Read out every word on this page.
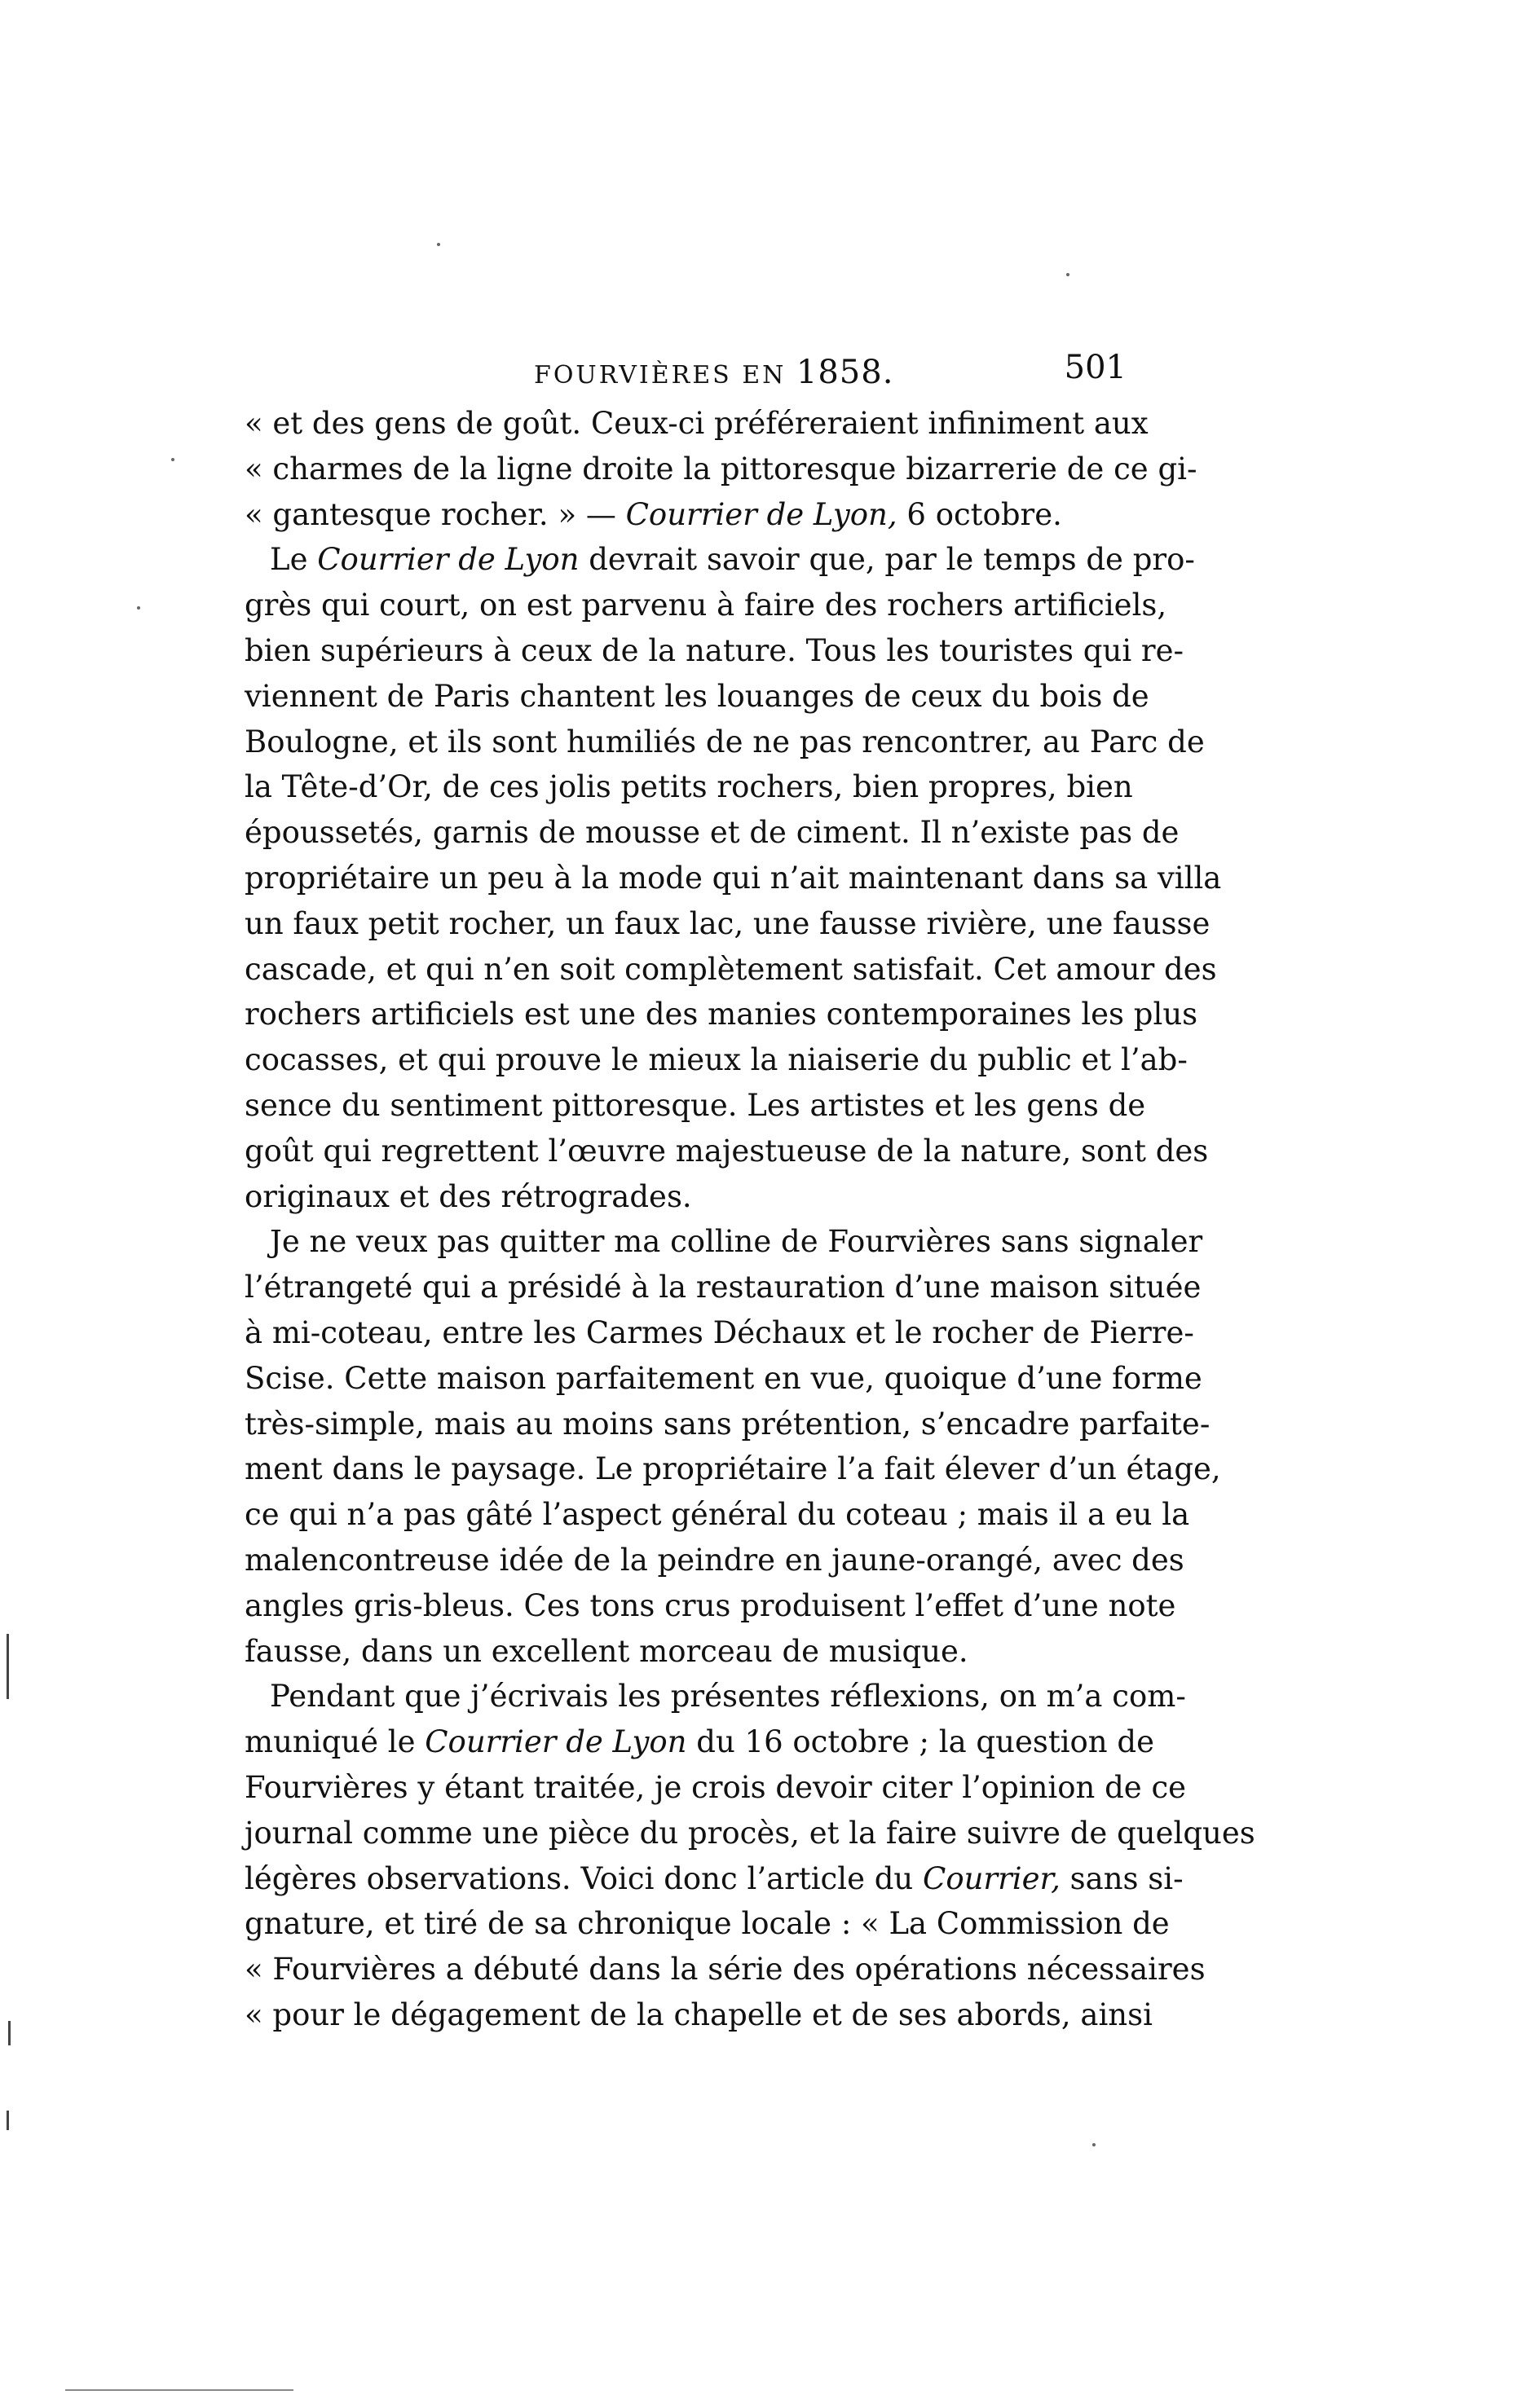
FOURVIÈRES EN 1858.	501
« et des gens de goût. Ceux-ci préféreraient infiniment aux
« charmes de la ligne droite la pittoresque bizarrerie de ce gi-
« gantesque rocher. » — Courrier de Lyon, 6 octobre.
Le Courrier de Lyon devrait savoir que, par le temps de pro-
grès qui court, on est parvenu à faire des rochers artificiels,
bien supérieurs à ceux de la nature. Tous les touristes qui re-
viennent de Paris chantent les louanges de ceux du bois de
Boulogne, et ils sont humiliés de ne pas rencontrer, au Parc de
la Tête-d’Or, de ces jolis petits rochers, bien propres, bien
époussetés, garnis de mousse et de ciment. Il n’existe pas de
propriétaire un peu à la mode qui n’ait maintenant dans sa villa
un faux petit rocher, un faux lac, une fausse rivière, une fausse
cascade, et qui n’en soit complètement satisfait. Cet amour des
rochers artificiels est une des manies contemporaines les plus
cocasses, et qui prouve le mieux la niaiserie du public et l’ab-
sence du sentiment pittoresque. Les artistes et les gens de
goût qui regrettent l’œuvre majestueuse de la nature, sont des
originaux et des rétrogrades.
Je ne veux pas quitter ma colline de Fourvières sans signaler
l’étrangeté qui a présidé à la restauration d’une maison située
à mi-coteau, entre les Carmes Déchaux et le rocher de Pierre-
Scise. Cette maison parfaitement en vue, quoique d’une forme
très-simple, mais au moins sans prétention, s’encadre parfaite-
ment dans le paysage. Le propriétaire l’a fait élever d’un étage,
ce qui n’a pas gâté l’aspect général du coteau ; mais il a eu la
malencontreuse idée de la peindre en jaune-orangé, avec des
angles gris-bleus. Ces tons crus produisent l’effet d’une note
fausse, dans un excellent morceau de musique.
Pendant que j’écrivais les présentes réflexions, on m’a com-
muniqué le Courrier de Lyon du 16 octobre ; la question de
Fourvières y étant traitée, je crois devoir citer l’opinion de ce
journal comme une pièce du procès, et la faire suivre de quelques
légères observations. Voici donc l’article du Courrier, sans si-
gnature, et tiré de sa chronique locale : « La Commission de
« Fourvières a débuté dans la série des opérations nécessaires
« pour le dégagement de la chapelle et de ses abords, ainsi
